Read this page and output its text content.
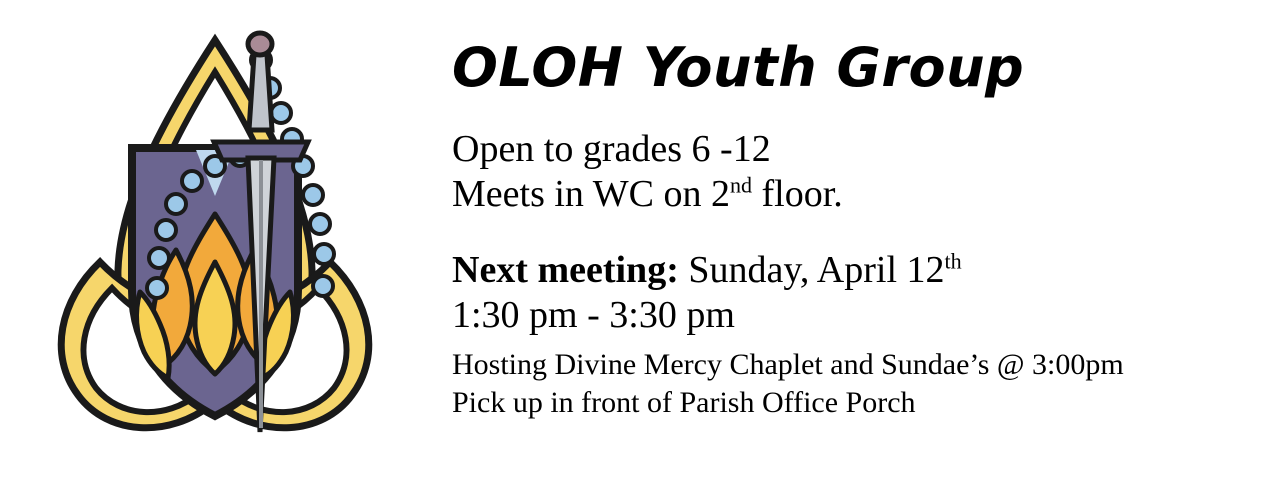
OLOH Youth Group

Open to grades 6 -12

Meets in WC on 2nd floor.

Next meeting: Sunday, April 12th

1:30 pm - 3:30 pm

Hosting Divine Mercy Chaplet and Sundae’s @ 3:00pm

Pick up in front of Parish Office Porch
